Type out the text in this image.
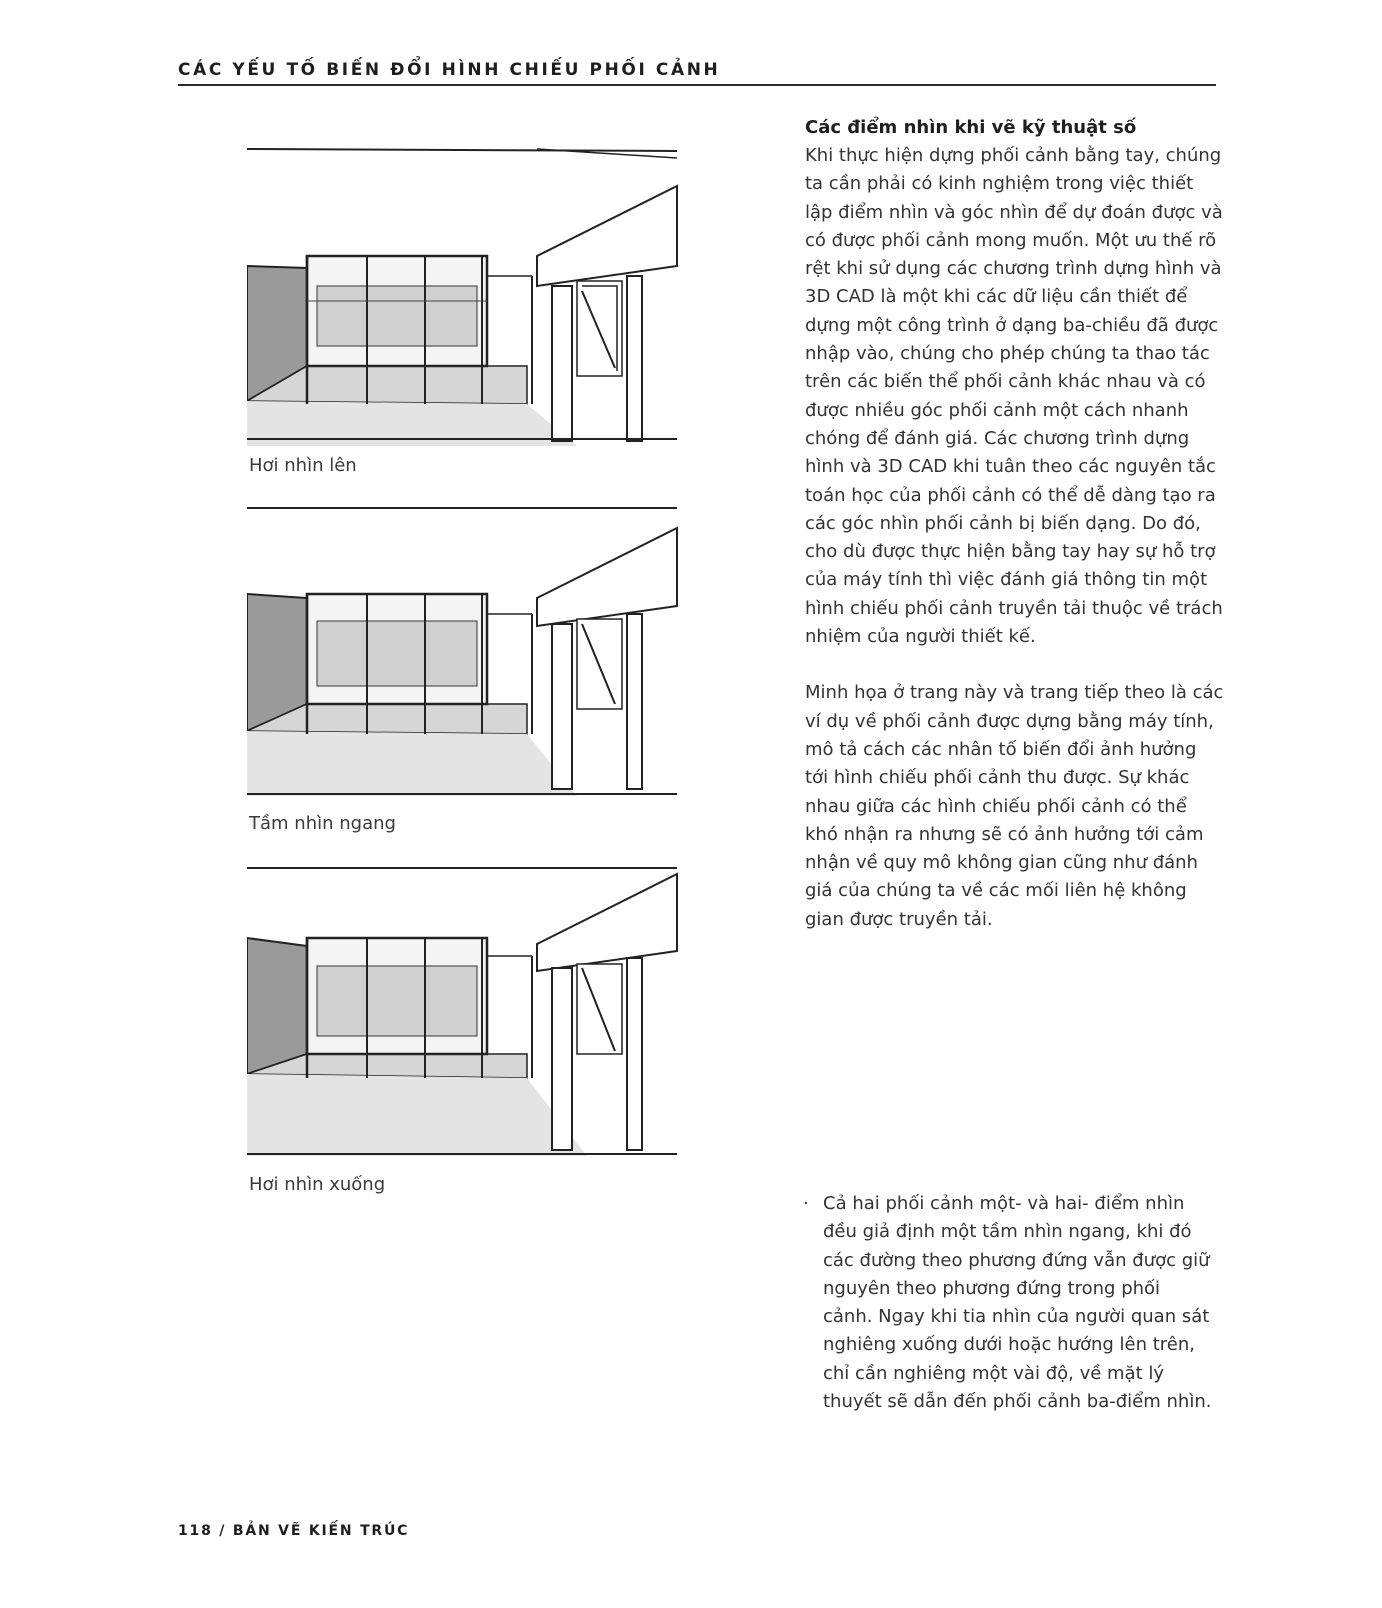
CÁC YẾU TỐ BIẾN ĐỔI HÌNH CHIẾU PHỐI CẢNH
Hơi nhìn lên
Tầm nhìn ngang
Hơi nhìn xuống
Các điểm nhìn khi vẽ kỹ thuật số

Khi thực hiện dựng phối cảnh bằng tay, chúng ta cần phải có kinh nghiệm trong việc thiết lập điểm nhìn và góc nhìn để dự đoán được và có được phối cảnh mong muốn. Một ưu thế rõ rệt khi sử dụng các chương trình dựng hình và 3D CAD là một khi các dữ liệu cần thiết để dựng một công trình ở dạng ba-chiều đã được nhập vào, chúng cho phép chúng ta thao tác trên các biến thể phối cảnh khác nhau và có được nhiều góc phối cảnh một cách nhanh chóng để đánh giá. Các chương trình dựng hình và 3D CAD khi tuân theo các nguyên tắc toán học của phối cảnh có thể dễ dàng tạo ra các góc nhìn phối cảnh bị biến dạng. Do đó, cho dù được thực hiện bằng tay hay sự hỗ trợ của máy tính thì việc đánh giá thông tin một hình chiếu phối cảnh truyền tải thuộc về trách nhiệm của người thiết kế.

Minh họa ở trang này và trang tiếp theo là các ví dụ về phối cảnh được dựng bằng máy tính, mô tả cách các nhân tố biến đổi ảnh hưởng tới hình chiếu phối cảnh thu được. Sự khác nhau giữa các hình chiếu phối cảnh có thể khó nhận ra nhưng sẽ có ảnh hưởng tới cảm nhận về quy mô không gian cũng như đánh giá của chúng ta về các mối liên hệ không gian được truyền tải.

· Cả hai phối cảnh một- và hai- điểm nhìn đều giả định một tầm nhìn ngang, khi đó các đường theo phương đứng vẫn được giữ nguyên theo phương đứng trong phối cảnh. Ngay khi tia nhìn của người quan sát nghiêng xuống dưới hoặc hướng lên trên, chỉ cần nghiêng một vài độ, về mặt lý thuyết sẽ dẫn đến phối cảnh ba-điểm nhìn.
118 / BẢN VẼ KIẾN TRÚC
